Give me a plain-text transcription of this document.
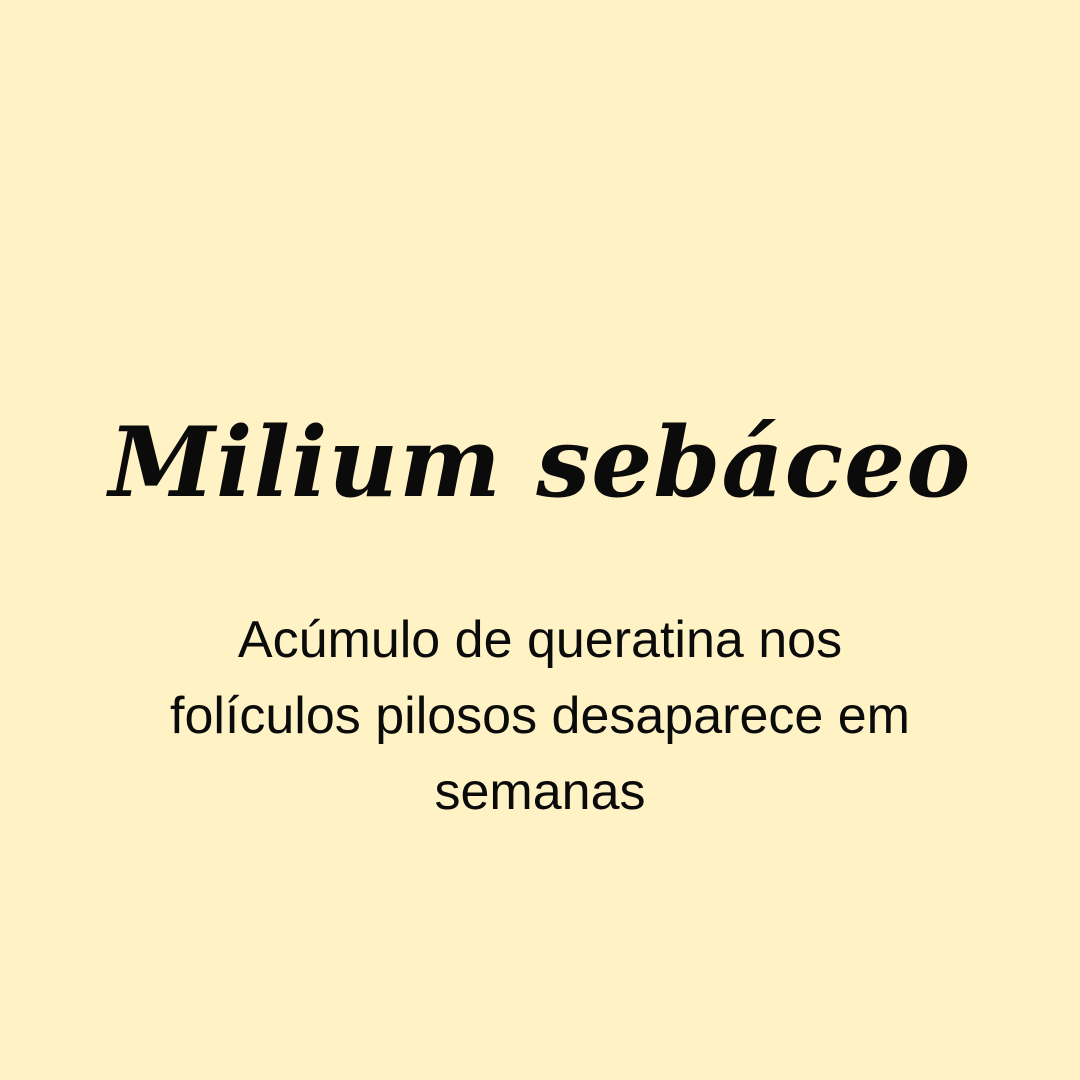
Milium sebáceo

Acúmulo de queratina nos folículos pilosos desaparece em semanas
